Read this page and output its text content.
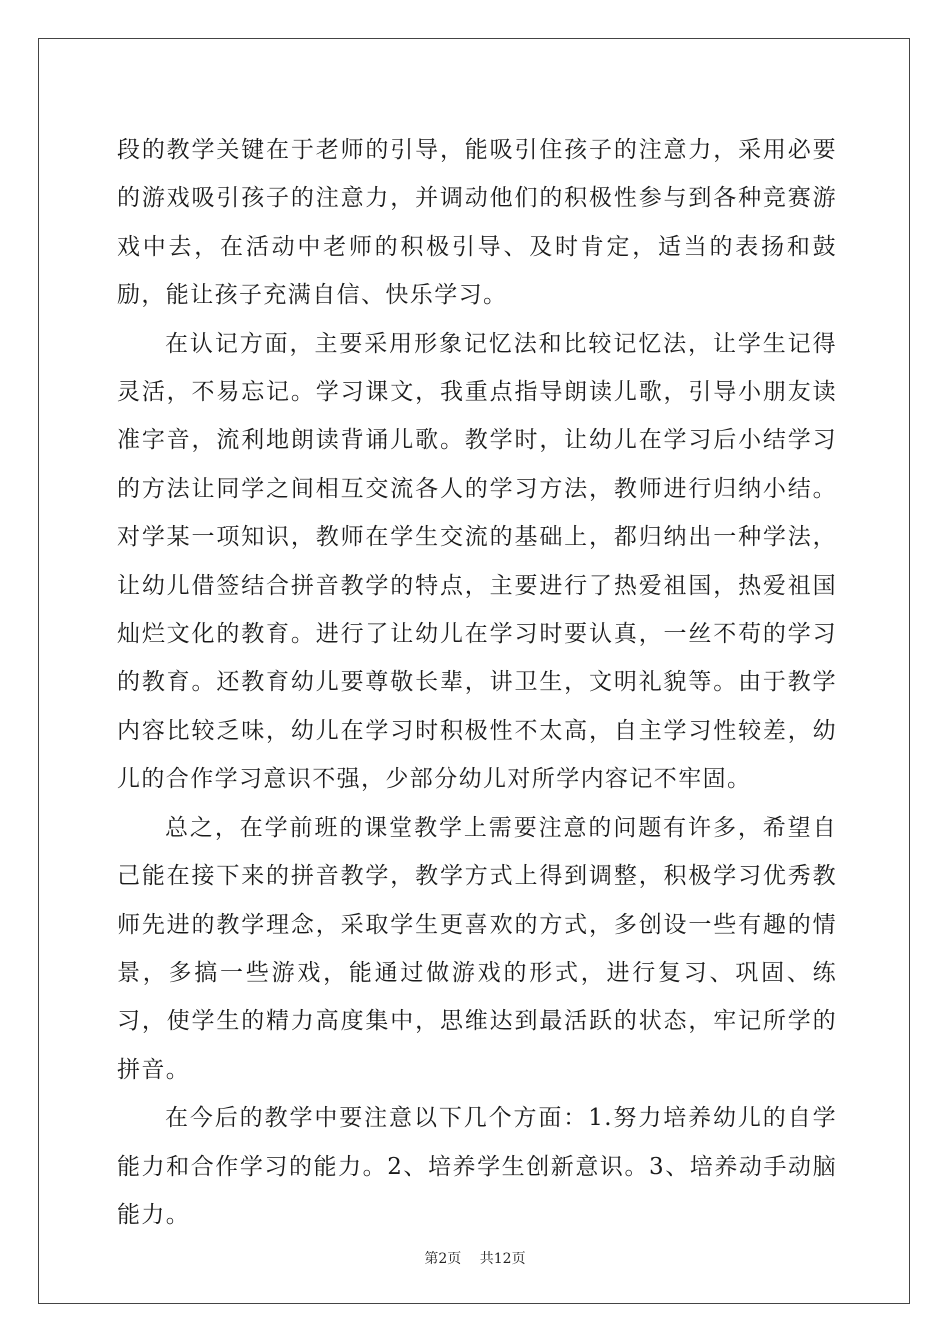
段的教学关键在于老师的引导，能吸引住孩子的注意力，采用必要的游戏吸引孩子的注意力，并调动他们的积极性参与到各种竞赛游戏中去，在活动中老师的积极引导、及时肯定，适当的表扬和鼓励，能让孩子充满自信、快乐学习。

在认记方面，主要采用形象记忆法和比较记忆法，让学生记得灵活，不易忘记。学习课文，我重点指导朗读儿歌，引导小朋友读准字音，流利地朗读背诵儿歌。教学时，让幼儿在学习后小结学习的方法让同学之间相互交流各人的学习方法，教师进行归纳小结。对学某一项知识，教师在学生交流的基础上，都归纳出一种学法，让幼儿借签结合拼音教学的特点，主要进行了热爱祖国，热爱祖国灿烂文化的教育。进行了让幼儿在学习时要认真，一丝不苟的学习的教育。还教育幼儿要尊敬长辈，讲卫生，文明礼貌等。由于教学内容比较乏味，幼儿在学习时积极性不太高，自主学习性较差，幼儿的合作学习意识不强，少部分幼儿对所学内容记不牢固。

总之，在学前班的课堂教学上需要注意的问题有许多，希望自己能在接下来的拼音教学，教学方式上得到调整，积极学习优秀教师先进的教学理念，采取学生更喜欢的方式，多创设一些有趣的情景，多搞一些游戏，能通过做游戏的形式，进行复习、巩固、练习，使学生的精力高度集中，思维达到最活跃的状态，牢记所学的拼音。

在今后的教学中要注意以下几个方面：1.努力培养幼儿的自学能力和合作学习的能力。2、培养学生创新意识。3、培养动手动脑能力。

第2页 共12页
